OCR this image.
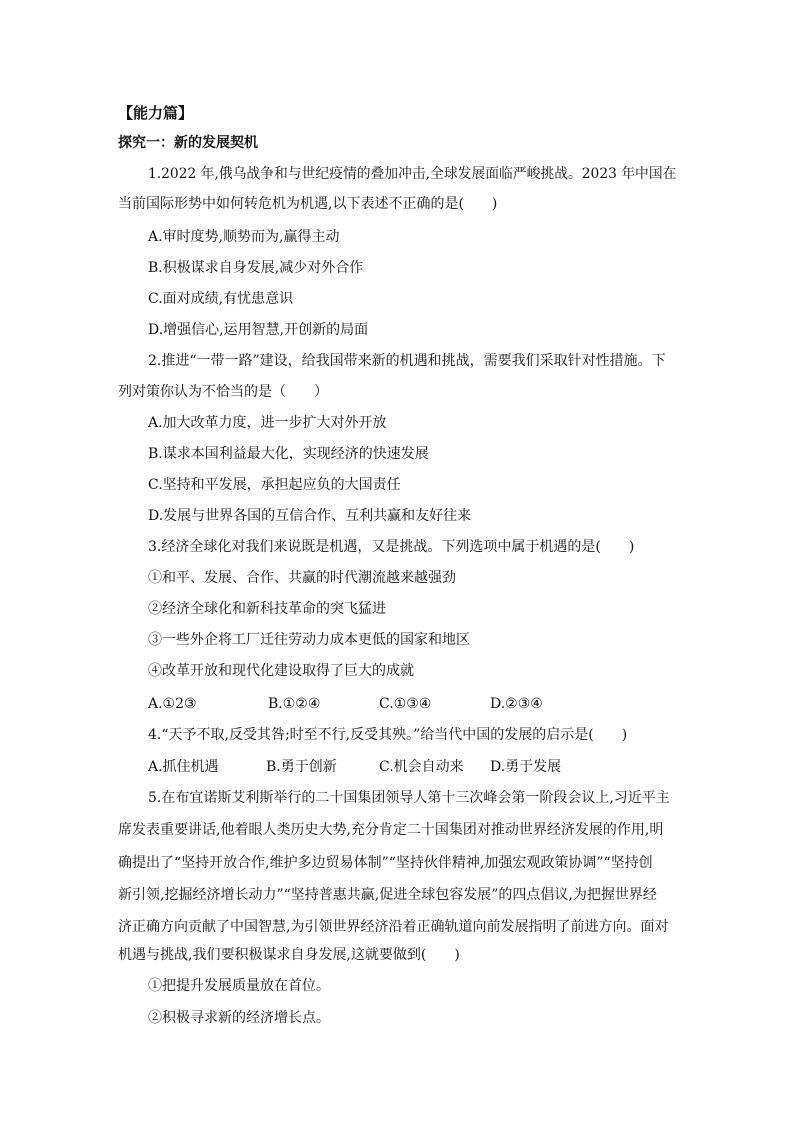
【能力篇】
探究一：新的发展契机
1.2022 年,俄乌战争和与世纪疫情的叠加冲击,全球发展面临严峻挑战。2023 年中国在
当前国际形势中如何转危机为机遇,以下表述不正确的是(　　)
A.审时度势,顺势而为,赢得主动
B.积极谋求自身发展,减少对外合作
C.面对成绩,有忧患意识
D.增强信心,运用智慧,开创新的局面
2.推进“一带一路”建设，给我国带来新的机遇和挑战，需要我们采取针对性措施。下
列对策你认为不恰当的是（　　）
A.加大改革力度，进一步扩大对外开放
B.谋求本国利益最大化，实现经济的快速发展
C.坚持和平发展，承担起应负的大国责任
D.发展与世界各国的互信合作、互利共赢和友好往来
3.经济全球化对我们来说既是机遇，又是挑战。下列选项中属于机遇的是(　　)
①和平、发展、合作、共赢的时代潮流越来越强劲
②经济全球化和新科技革命的突飞猛进
③一些外企将工厂迁往劳动力成本更低的国家和地区
④改革开放和现代化建设取得了巨大的成就
A.①2③	B.①②④	C.①③④	D.②③④
4.“天予不取,反受其咎;时至不行,反受其殃。”给当代中国的发展的启示是(　　)
A.抓住机遇	B.勇于创新	C.机会自动来 D.勇于发展
5.在布宜诺斯艾利斯举行的二十国集团领导人第十三次峰会第一阶段会议上,习近平主
席发表重要讲话,他着眼人类历史大势,充分肯定二十国集团对推动世界经济发展的作用,明
确提出了“坚持开放合作,维护多边贸易体制”“坚持伙伴精神,加强宏观政策协调”“坚持创
新引领,挖掘经济增长动力”“坚持普惠共赢,促进全球包容发展”的四点倡议,为把握世界经
济正确方向贡献了中国智慧,为引领世界经济沿着正确轨道向前发展指明了前进方向。面对
机遇与挑战,我们要积极谋求自身发展,这就要做到(　　)
①把提升发展质量放在首位。
②积极寻求新的经济增长点。
